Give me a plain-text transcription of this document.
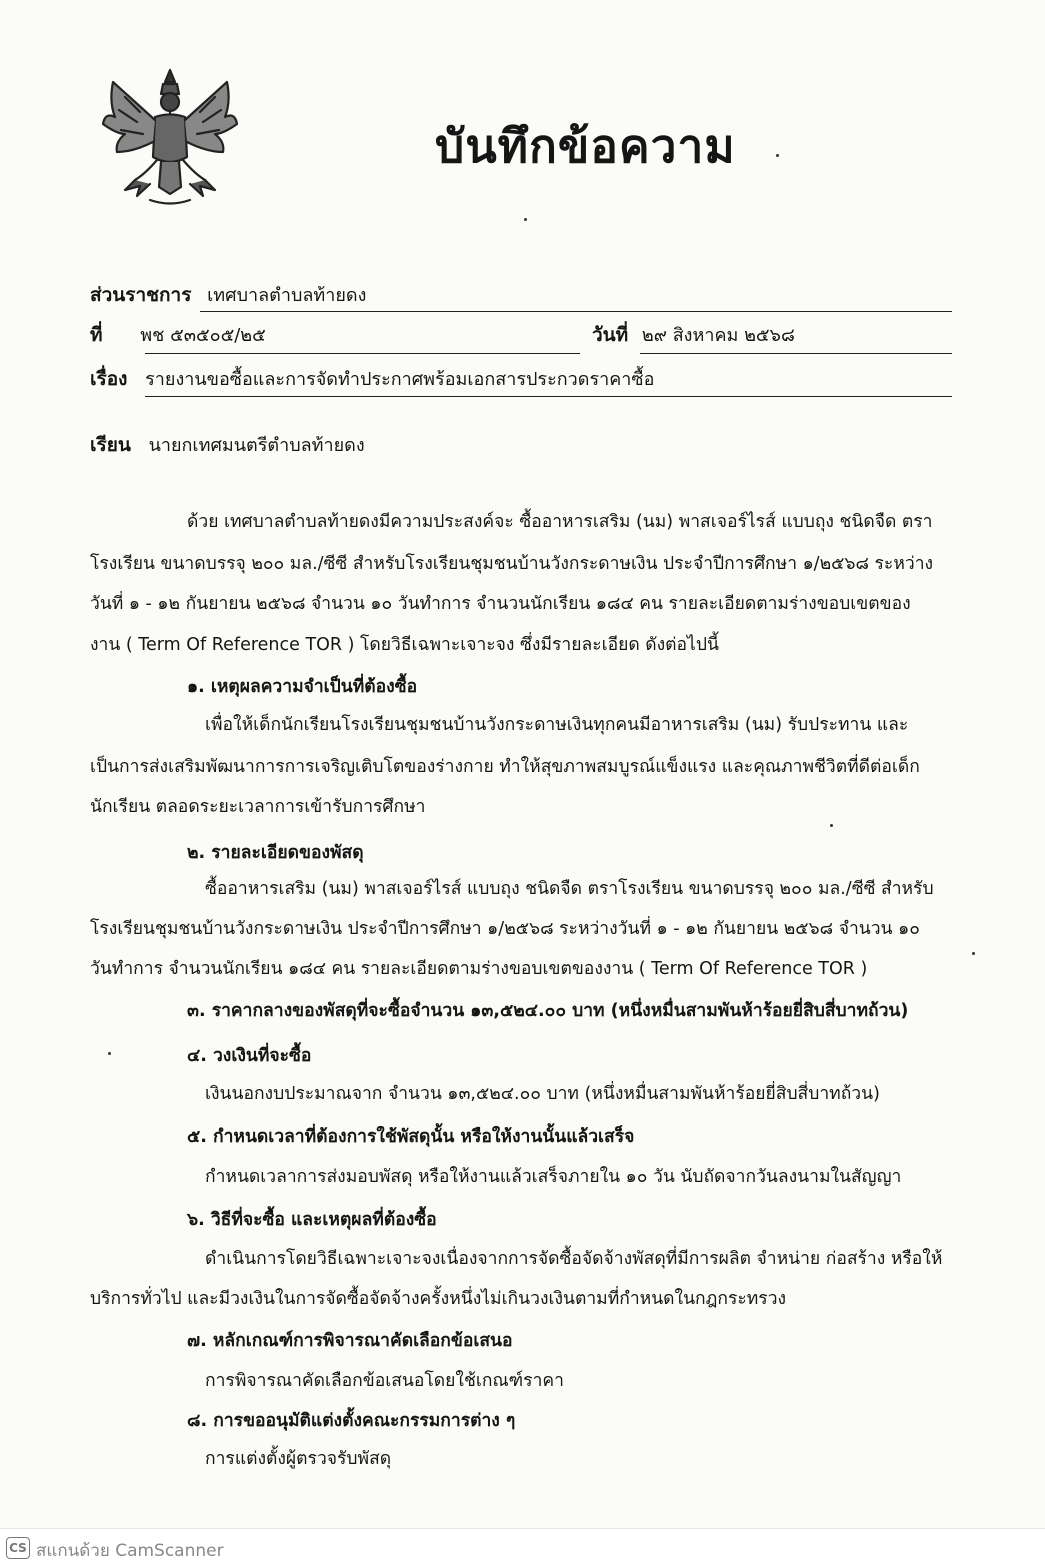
บันทึกข้อความ
ส่วนราชการ เทศบาลตำบลท้ายดง
ที่ พช ๕๓๕๐๕/๒๕	วันที่ ๒๙ สิงหาคม ๒๕๖๘
เรื่อง รายงานขอซื้อและการจัดทำประกาศพร้อมเอกสารประกวดราคาซื้อ
เรียน นายกเทศมนตรีตำบลท้ายดง
ด้วย เทศบาลตำบลท้ายดงมีความประสงค์จะ ซื้ออาหารเสริม (นม) พาสเจอร์ไรส์ แบบถุง ชนิดจืด ตรา
โรงเรียน ขนาดบรรจุ ๒๐๐ มล./ซีซี สำหรับโรงเรียนชุมชนบ้านวังกระดาษเงิน ประจำปีการศึกษา ๑/๒๕๖๘ ระหว่าง
วันที่ ๑ - ๑๒ กันยายน ๒๕๖๘ จำนวน ๑๐ วันทำการ จำนวนนักเรียน ๑๘๔ คน รายละเอียดตามร่างขอบเขตของ
งาน ( Term Of Reference TOR ) โดยวิธีเฉพาะเจาะจง ซึ่งมีรายละเอียด ดังต่อไปนี้
๑. เหตุผลความจำเป็นที่ต้องซื้อ
เพื่อให้เด็กนักเรียนโรงเรียนชุมชนบ้านวังกระดาษเงินทุกคนมีอาหารเสริม (นม) รับประทาน และ
เป็นการส่งเสริมพัฒนาการการเจริญเติบโตของร่างกาย ทำให้สุขภาพสมบูรณ์แข็งแรง และคุณภาพชีวิตที่ดีต่อเด็ก
นักเรียน ตลอดระยะเวลาการเข้ารับการศึกษา
๒. รายละเอียดของพัสดุ
ซื้ออาหารเสริม (นม) พาสเจอร์ไรส์ แบบถุง ชนิดจืด ตราโรงเรียน ขนาดบรรจุ ๒๐๐ มล./ซีซี สำหรับ
โรงเรียนชุมชนบ้านวังกระดาษเงิน ประจำปีการศึกษา ๑/๒๕๖๘ ระหว่างวันที่ ๑ - ๑๒ กันยายน ๒๕๖๘ จำนวน ๑๐
วันทำการ จำนวนนักเรียน ๑๘๔ คน รายละเอียดตามร่างขอบเขตของงาน ( Term Of Reference TOR )
๓. ราคากลางของพัสดุที่จะซื้อจำนวน ๑๓,๕๒๔.๐๐ บาท (หนึ่งหมื่นสามพันห้าร้อยยี่สิบสี่บาทถ้วน)
๔. วงเงินที่จะซื้อ
เงินนอกงบประมาณจาก จำนวน ๑๓,๕๒๔.๐๐ บาท (หนึ่งหมื่นสามพันห้าร้อยยี่สิบสี่บาทถ้วน)
๕. กำหนดเวลาที่ต้องการใช้พัสดุนั้น หรือให้งานนั้นแล้วเสร็จ
กำหนดเวลาการส่งมอบพัสดุ หรือให้งานแล้วเสร็จภายใน ๑๐ วัน นับถัดจากวันลงนามในสัญญา
๖. วิธีที่จะซื้อ และเหตุผลที่ต้องซื้อ
ดำเนินการโดยวิธีเฉพาะเจาะจงเนื่องจากการจัดซื้อจัดจ้างพัสดุที่มีการผลิต จำหน่าย ก่อสร้าง หรือให้
บริการทั่วไป และมีวงเงินในการจัดซื้อจัดจ้างครั้งหนึ่งไม่เกินวงเงินตามที่กำหนดในกฎกระทรวง
๗. หลักเกณฑ์การพิจารณาคัดเลือกข้อเสนอ
การพิจารณาคัดเลือกข้อเสนอโดยใช้เกณฑ์ราคา
๘. การขออนุมัติแต่งตั้งคณะกรรมการต่าง ๆ
การแต่งตั้งผู้ตรวจรับพัสดุ
CS สแกนด้วย CamScanner
